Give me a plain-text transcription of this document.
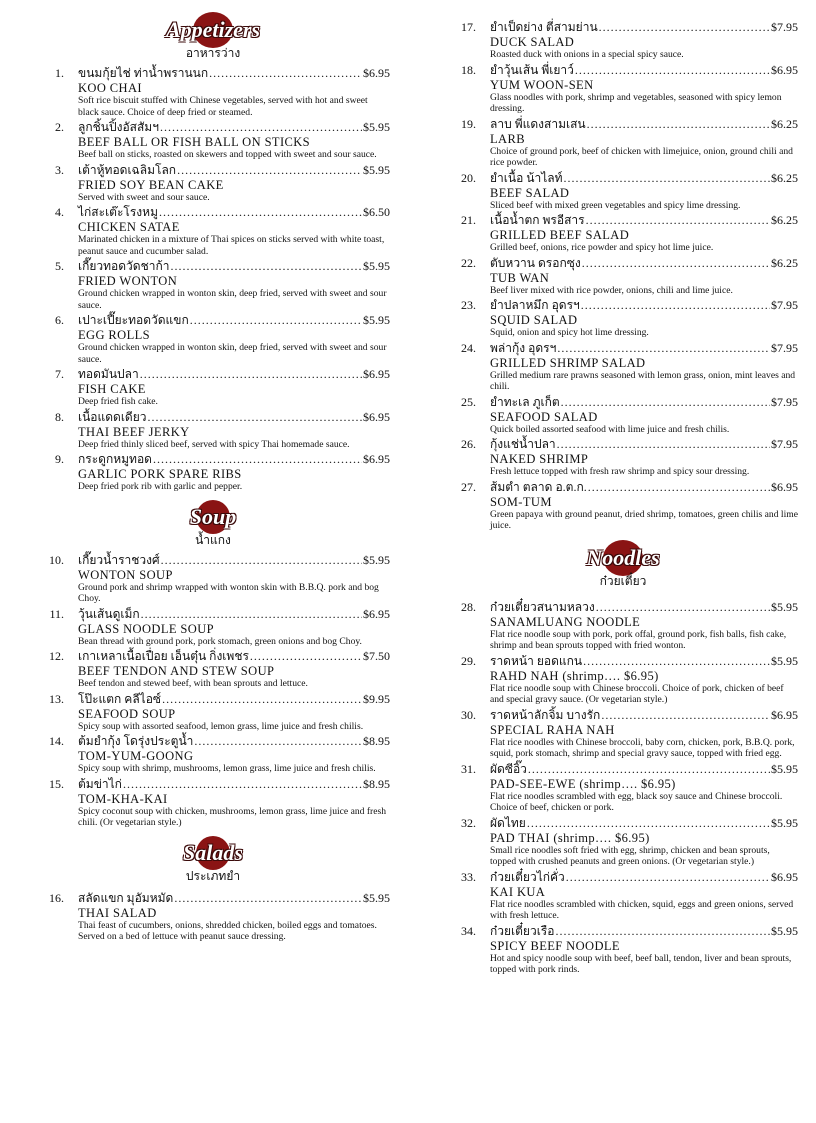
Appetizers
อาหารว่าง
1. ขนมกุ้ยไช่ ท่าน้ำพรานนก .....	$6.95
KOO CHAI
Soft rice biscuit stuffed with Chinese vegetables, served with hot and sweet black sauce. Choice of deep fried or steamed.
2. ลูกชิ้นปิ้งอัสสัมฯ .....	$5.95
BEEF BALL OR FISH BALL ON STICKS
Beef ball on sticks, roasted on skewers and topped with sweet and sour sauce.
3. เต้าหู้ทอดเฉลิมโลก .....	$5.95
FRIED SOY BEAN CAKE
Served with sweet and sour sauce.
4. ไก่สะเต๊ะโรงหมู .....	$6.50
CHICKEN SATAE
Marinated chicken in a mixture of Thai spices on sticks served with white toast, peanut sauce and cucumber salad.
5. เกี๊ยวทอดวัดชาก้า .....	$5.95
FRIED WONTON
Ground chicken wrapped in wonton skin, deep fried, served with sweet and sour sauce.
6. เปาะเปี๊ยะทอดวัดแขก .....	$5.95
EGG ROLLS
Ground chicken wrapped in wonton skin, deep fried, served with sweet and sour sauce.
7. ทอดมันปลา .....	$6.95
FISH CAKE
Deep fried fish cake.
8. เนื้อแดดเดียว .....	$6.95
THAI BEEF JERKY
Deep fried thinly sliced beef, served with spicy Thai homemade sauce.
9. กระดูกหมูทอด .....	$6.95
GARLIC PORK SPARE RIBS
Deep fried pork rib with garlic and pepper.
Soup
น้ำแกง
10. เกี๊ยวน้ำราชวงศ์ .....	$5.95
WONTON SOUP
Ground pork and shrimp wrapped with wonton skin with B.B.Q. pork and bog Choy.
11. วุ้นเส้นดูเม็ก .....	$6.95
GLASS NOODLE SOUP
Bean thread with ground pork, pork stomach, green onions and bog Choy.
12. เกาเหลาเนื้อเปื่อย เอ็นตุ๋น กิ่งเพชร .....	$7.50
BEEF TENDON AND STEW SOUP
Beef tendon and stewed beef, with bean sprouts and lettuce.
13. โป๊ะแตก คลีไอซ์ .....	$9.95
SEAFOOD SOUP
Spicy soup with assorted seafood, lemon grass, lime juice and fresh chilis.
14. ต้มยำกุ้ง โดรุ่งประตูน้ำ .....	$8.95
TOM-YUM-GOONG
Spicy soup with shrimp, mushrooms, lemon grass, lime juice and fresh chilis.
15. ต้มข่าไก่ .....	$8.95
TOM-KHA-KAI
Spicy coconut soup with chicken, mushrooms, lemon grass, lime juice and fresh chili. (Or vegetarian style.)
Salads
ประเภทยำ
16. สลัดแขก มุอัมหมัด .....	$5.95
THAI SALAD
Thai feast of cucumbers, onions, shredded chicken, boiled eggs and tomatoes. Served on a bed of lettuce with peanut sauce dressing.
17. ยำเป็ดย่าง ตี่สามย่าน .....	$7.95
DUCK SALAD
Roasted duck with onions in a special spicy sauce.
18. ยำวุ้นเส้น พี่เยาว์ .....	$6.95
YUM WOON-SEN
Glass noodles with pork, shrimp and vegetables, seasoned with spicy lemon dressing.
19. ลาบ พี่แดงสามเสน .....	$6.25
LARB
Choice of ground pork, beef of chicken with limejuice, onion, ground chili and rice powder.
20. ยำเนื้อ น้าไลท์ .....	$6.25
BEEF SALAD
Sliced beef with mixed green vegetables and spicy lime dressing.
21. เนื้อน้ำตก พรอีสาร .....	$6.25
GRILLED BEEF SALAD
Grilled beef, onions, rice powder and spicy hot lime juice.
22. ตับหวาน ดรอกซุง .....	$6.25
TUB WAN
Beef liver mixed with rice powder, onions, chili and lime juice.
23. ยำปลาหมึก อุดรฯ .....	$7.95
SQUID SALAD
Squid, onion and spicy hot lime dressing.
24. พล่ากุ้ง อุดรฯ .....	$7.95
GRILLED SHRIMP SALAD
Grilled medium rare prawns seasoned with lemon grass, onion, mint leaves and chili.
25. ยำทะเล ภูเก็ต .....	$7.95
SEAFOOD SALAD
Quick boiled assorted seafood with lime juice and fresh chilis.
26. กุ้งแช่น้ำปลา .....	$7.95
NAKED SHRIMP
Fresh lettuce topped with fresh raw shrimp and spicy sour dressing.
27. ส้มตำ ตลาด อ.ต.ก. .....	$6.95
SOM-TUM
Green papaya with ground peanut, dried shrimp, tomatoes, green chilis and lime juice.
Noodles
ก๋วยเตี๋ยว
28. ก๋วยเตี๋ยวสนามหลวง .....	$5.95
SANAMLUANG NOODLE
Flat rice noodle soup with pork, pork offal, ground pork, fish balls, fish cake, shrimp and bean sprouts topped with fried wonton.
29. ราดหน้า ยอดแกน .....	$5.95
RAHD NAH (shrimp…. $6.95)
Flat rice noodle soup with Chinese broccoli. Choice of pork, chicken of beef and special gravy sauce. (Or vegetarian style.)
30. ราดหน้าลักจิ้ม บางรัก .....	$6.95
SPECIAL RAHA NAH
Flat rice noodles with Chinese broccoli, baby corn, chicken, pork, B.B.Q. pork, squid, pork stomach, shrimp and special gravy sauce, topped with fried egg.
31. ผัดซีอิ๊ว .....	$5.95
PAD-SEE-EWE (shrimp…. $6.95)
Flat rice noodles scrambled with egg, black soy sauce and Chinese broccoli. Choice of beef, chicken or pork.
32. ผัดไทย .....	$5.95
PAD THAI (shrimp…. $6.95)
Small rice noodles soft fried with egg, shrimp, chicken and bean sprouts, topped with crushed peanuts and green onions. (Or vegetarian style.)
33. ก๋วยเตี๋ยวไก่คั่ว .....	$6.95
KAI KUA
Flat rice noodles scrambled with chicken, squid, eggs and green onions, served with fresh lettuce.
34. ก๋วยเตี๋ยวเรือ .....	$5.95
SPICY BEEF NOODLE
Hot and spicy noodle soup with beef, beef ball, tendon, liver and bean sprouts, topped with pork rinds.
